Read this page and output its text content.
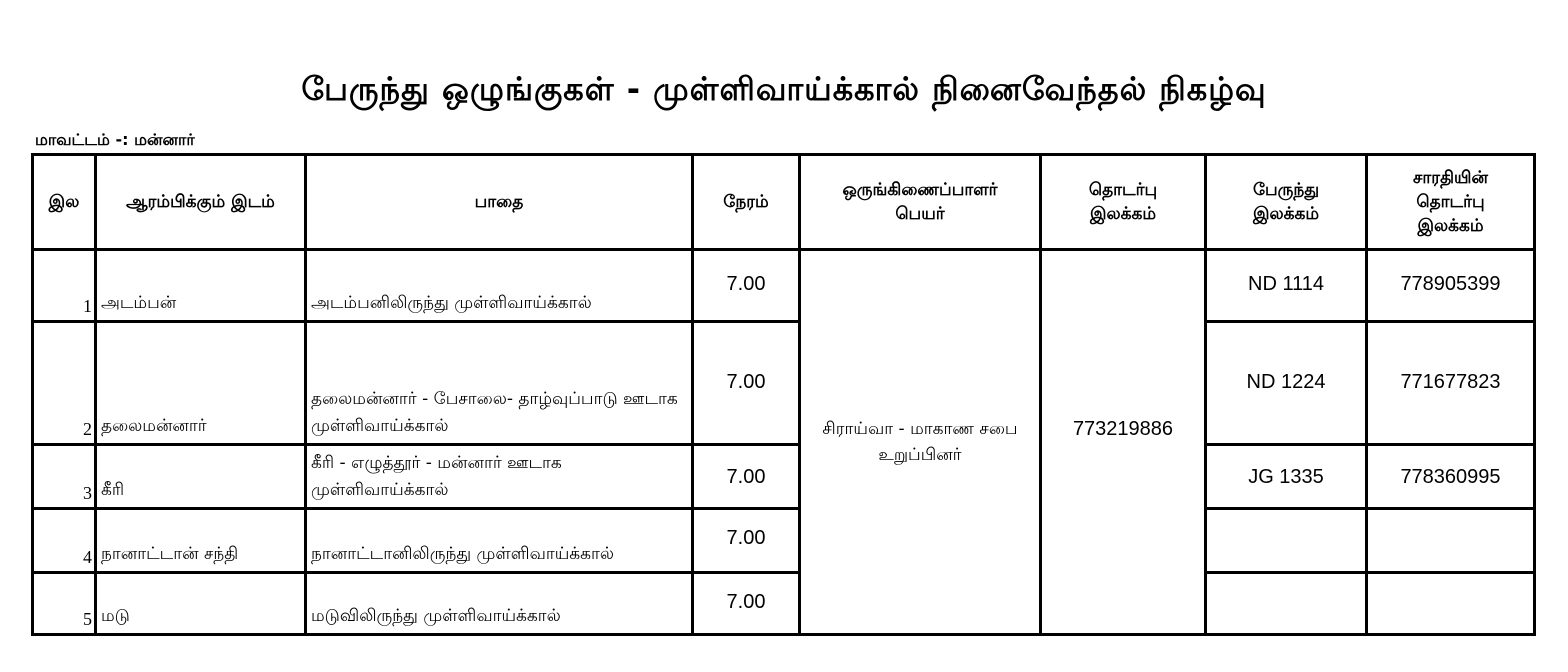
பேருந்து ஒழுங்குகள் - முள்ளிவாய்க்கால் நினைவேந்தல் நிகழ்வு
மாவட்டம் -: மன்னார்
இல	ஆரம்பிக்கும் இடம்	பாதை	நேரம்	ஒருங்கிணைப்பாளர் பெயர்	தொடர்பு இலக்கம்	பேருந்து இலக்கம்	சாரதியின் தொடர்பு இலக்கம்
1	அடம்பன்	அடம்பனிலிருந்து முள்ளிவாய்க்கால்	7.00	சிராய்வா - மாகாண சபை உறுப்பினர்	773219886	ND 1114	778905399
2	தலைமன்னார்	தலைமன்னார் - பேசாலை- தாழ்வுப்பாடு ஊடாக முள்ளிவாய்க்கால்	7.00			ND 1224	771677823
3	கீரி	கீரி - எழுத்தூர் - மன்னார் ஊடாக முள்ளிவாய்க்கால்	7.00			JG 1335	778360995
4	நானாட்டான் சந்தி	நானாட்டானிலிருந்து முள்ளிவாய்க்கால்	7.00				
5	மடு	மடுவிலிருந்து முள்ளிவாய்க்கால்	7.00				
